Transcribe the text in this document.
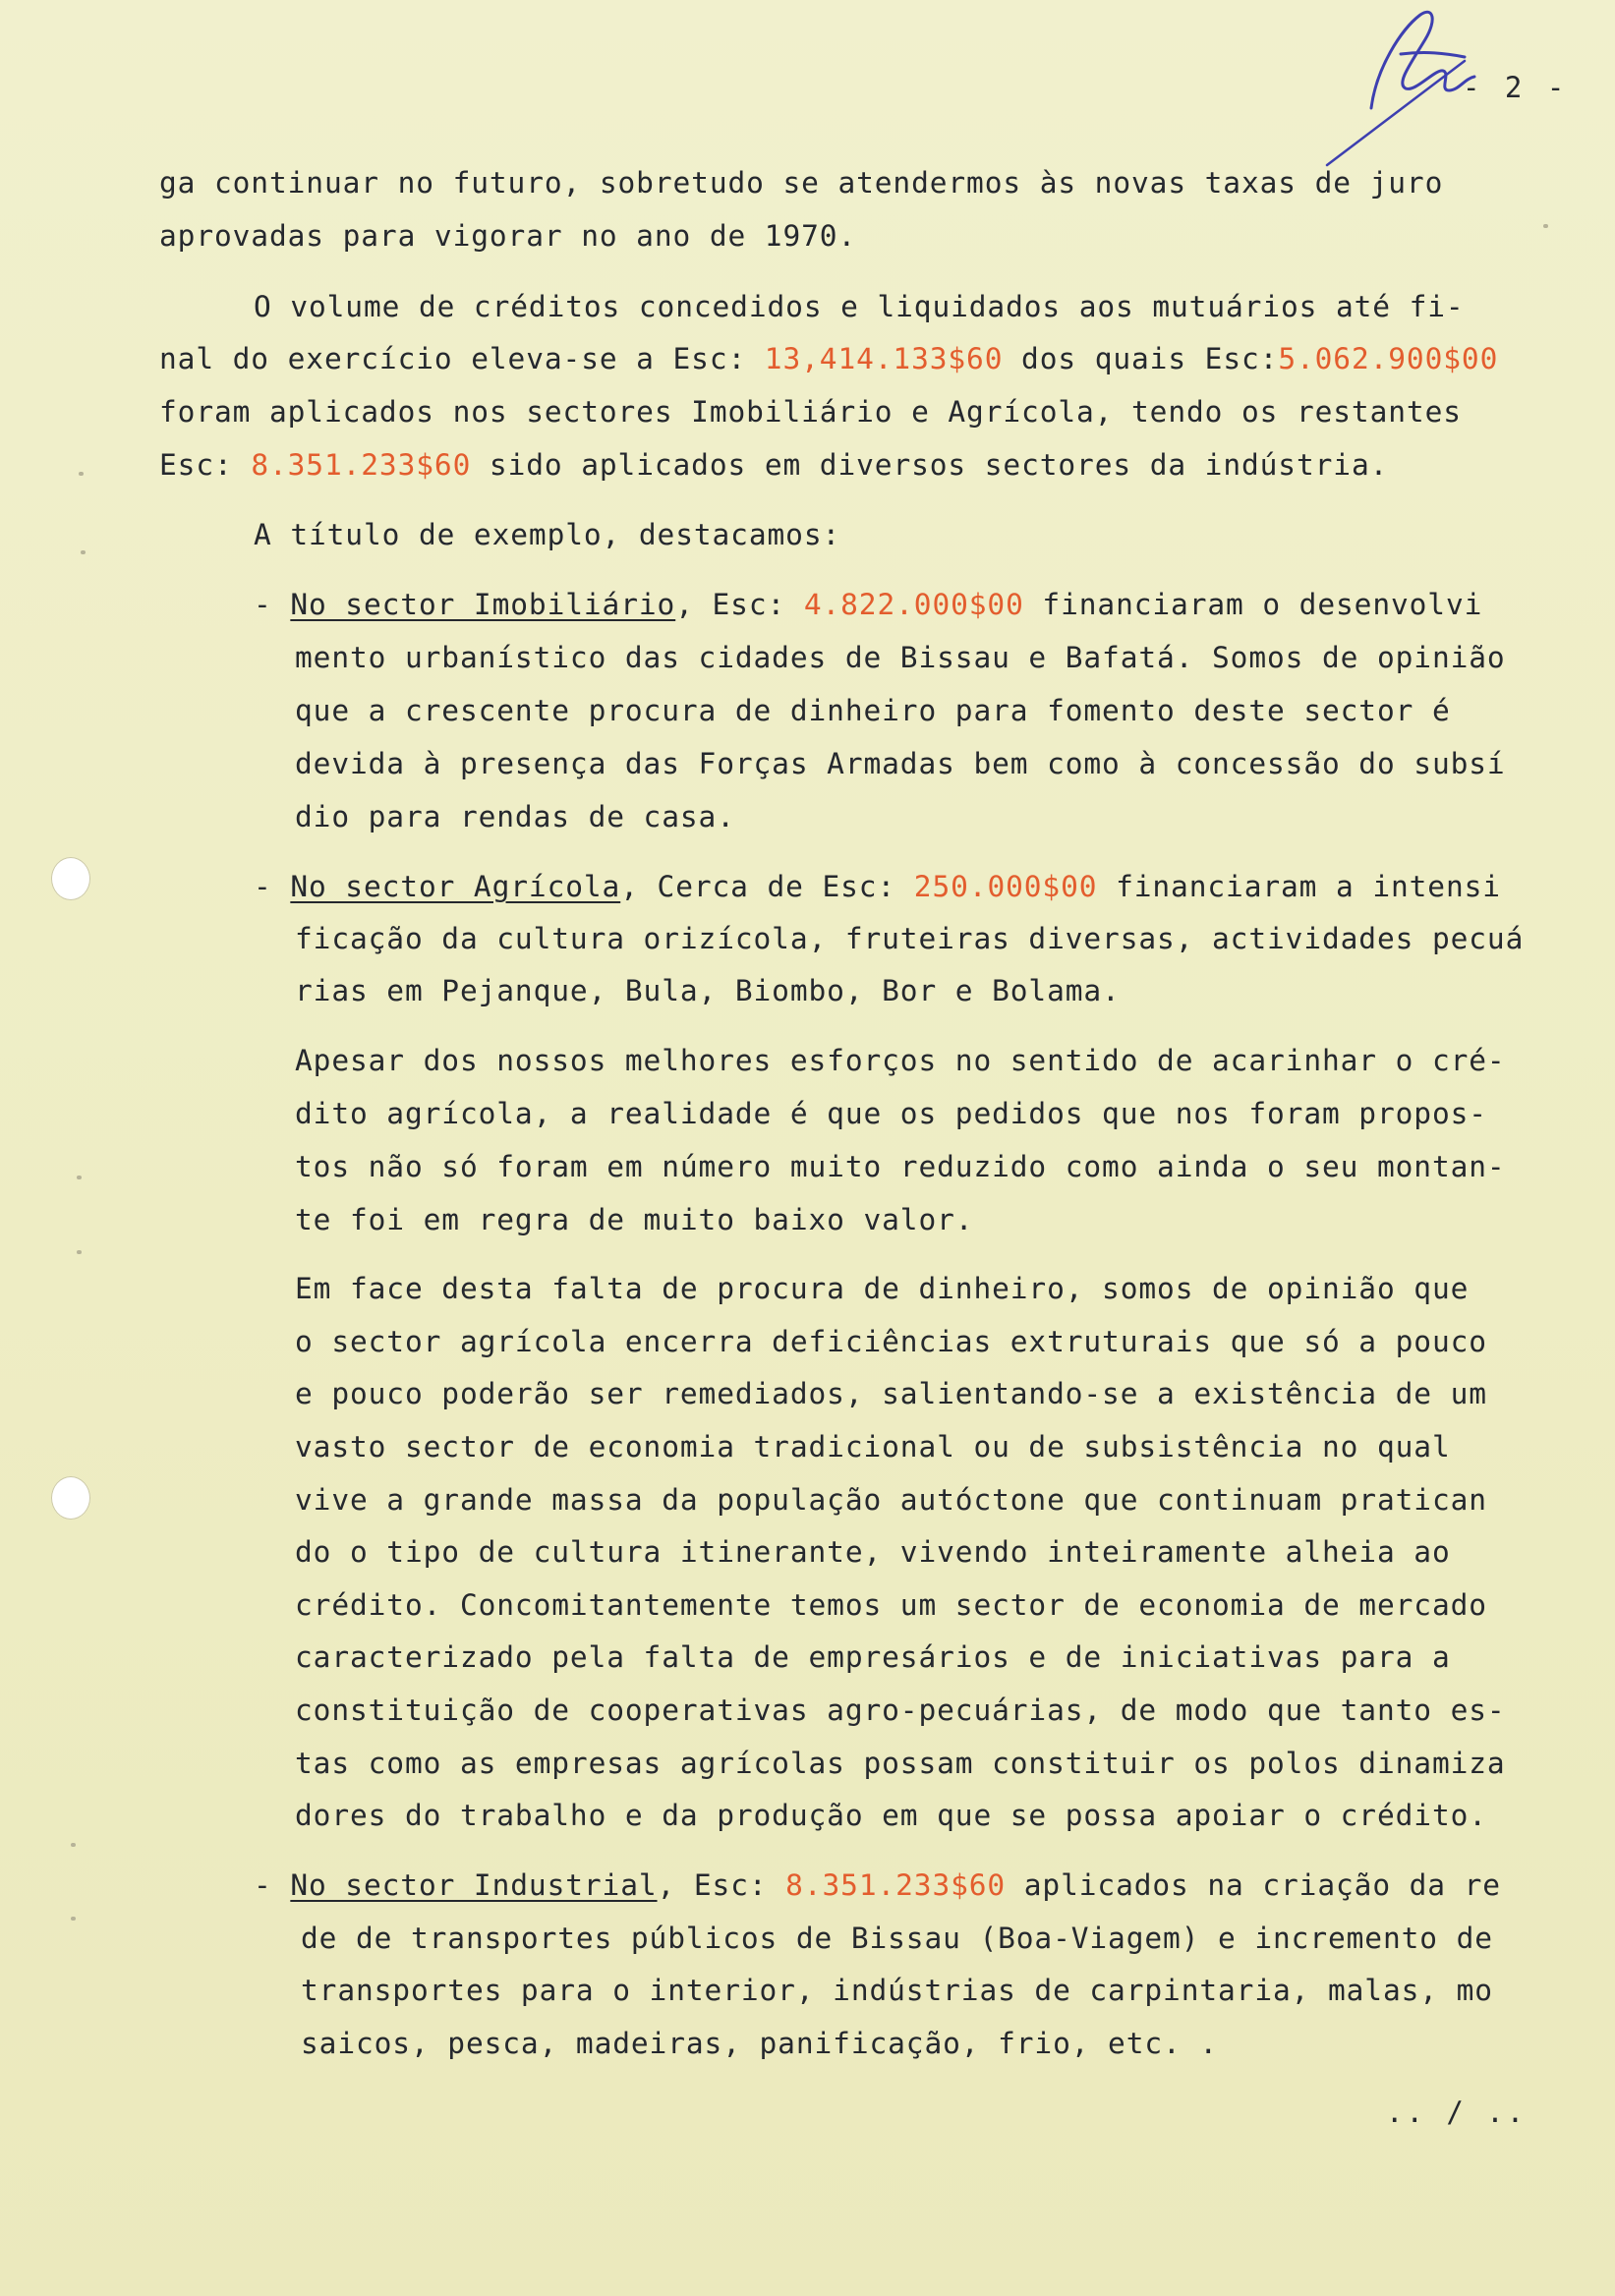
- 2 -

ga continuar no futuro, sobretudo se atendermos às novas taxas de juro

aprovadas para vigorar no ano de 1970.

O volume de créditos concedidos e liquidados aos mutuários até fi-

nal do exercício eleva-se a Esc: 13,414.133$60 dos quais Esc:5.062.900$00

foram aplicados nos sectores Imobiliário e Agrícola, tendo os restantes

Esc: 8.351.233$60 sido aplicados em diversos sectores da indústria.

A título de exemplo, destacamos:

- No sector Imobiliário, Esc: 4.822.000$00 financiaram o desenvolvi

mento urbanístico das cidades de Bissau e Bafatá. Somos de opinião

que a crescente procura de dinheiro para fomento deste sector é

devida à presença das Forças Armadas bem como à concessão do subsí

dio para rendas de casa.

- No sector Agrícola, Cerca de Esc: 250.000$00 financiaram a intensi

ficação da cultura orizícola, fruteiras diversas, actividades pecuá

rias em Pejanque, Bula, Biombo, Bor e Bolama.

Apesar dos nossos melhores esforços no sentido de acarinhar o cré-

dito agrícola, a realidade é que os pedidos que nos foram propos-

tos não só foram em número muito reduzido como ainda o seu montan-

te foi em regra de muito baixo valor.

Em face desta falta de procura de dinheiro, somos de opinião que

o sector agrícola encerra deficiências extruturais que só a pouco

e pouco poderão ser remediados, salientando-se a existência de um

vasto sector de economia tradicional ou de subsistência no qual

vive a grande massa da população autóctone que continuam pratican

do o tipo de cultura itinerante, vivendo inteiramente alheia ao

crédito. Concomitantemente temos um sector de economia de mercado

caracterizado pela falta de empresários e de iniciativas para a

constituição de cooperativas agro-pecuárias, de modo que tanto es-

tas como as empresas agrícolas possam constituir os polos dinamiza

dores do trabalho e da produção em que se possa apoiar o crédito.

- No sector Industrial, Esc: 8.351.233$60 aplicados na criação da re

de de transportes públicos de Bissau (Boa-Viagem) e incremento de

transportes para o interior, indústrias de carpintaria, malas, mo

saicos, pesca, madeiras, panificação, frio, etc. .

.. / ..
